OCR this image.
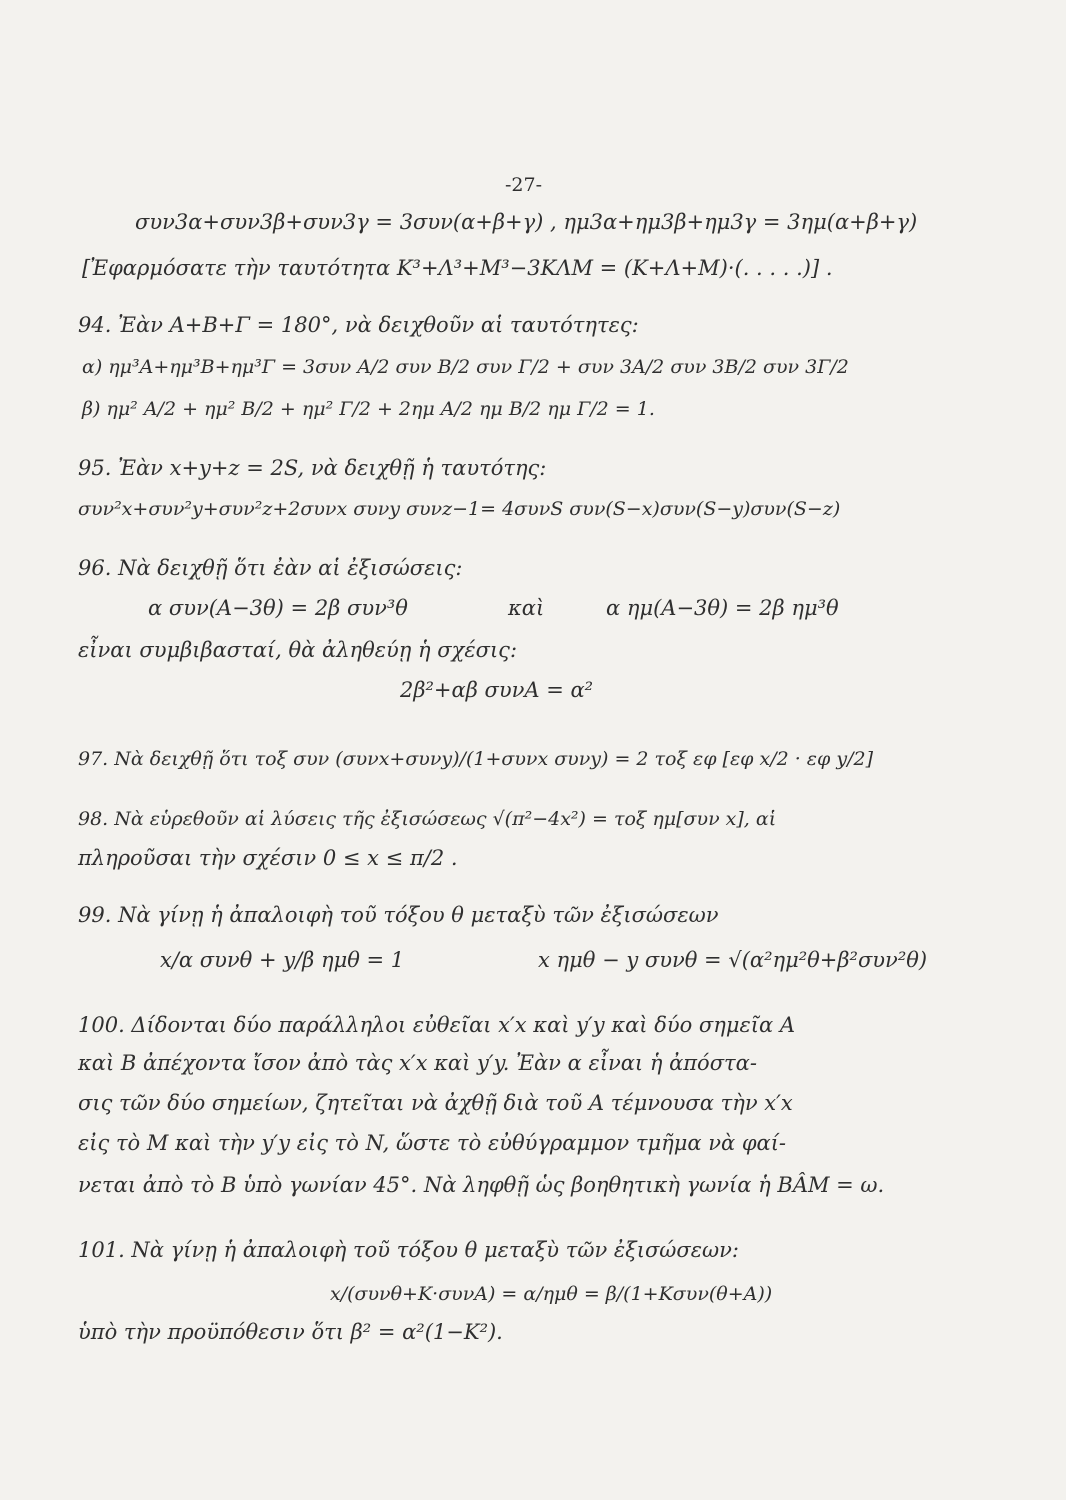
-27-
συν3α+συν3β+συν3γ = 3συν(α+β+γ) , ημ3α+ημ3β+ημ3γ = 3ημ(α+β+γ)
[Ἐφαρμόσατε τὴν ταυτότητα K³+Λ³+M³−3KΛM = (K+Λ+M)·(. . . . .)] .
94. Ἐὰν A+B+Γ = 180°, νὰ δειχθοῦν αἱ ταυτότητες:
α) ημ³A+ημ³B+ημ³Γ = 3συν A/2 συν B/2 συν Γ/2 + συν 3A/2 συν 3B/2 συν 3Γ/2
β) ημ² A/2 + ημ² B/2 + ημ² Γ/2 + 2ημ A/2 ημ B/2 ημ Γ/2 = 1.
95. Ἐὰν x+y+z = 2S, νὰ δειχθῇ ἡ ταυτότης:
συν²x+συν²y+συν²z+2συνx συνy συνz−1= 4συνS συν(S−x)συν(S−y)συν(S−z)
96. Νὰ δειχθῇ ὅτι ἐὰν αἱ ἐξισώσεις:
α συν(A−3θ) = 2β συν³θ	καὶ	α ημ(A−3θ) = 2β ημ³θ
εἶναι συμβιβασταί, θὰ ἀληθεύῃ ἡ σχέσις:
2β²+αβ συνA = α²
97. Νὰ δειχθῇ ὅτι τοξ συν (συνx+συνy)/(1+συνx συνy) = 2 τοξ εφ [εφ x/2 · εφ y/2]
98. Νὰ εὑρεθοῦν αἱ λύσεις τῆς ἐξισώσεως √(π²−4x²) = τοξ ημ[συν x], αἱ
πληροῦσαι τὴν σχέσιν 0 ≤ x ≤ π/2 .
99. Νὰ γίνῃ ἡ ἀπαλοιφὴ τοῦ τόξου θ μεταξὺ τῶν ἐξισώσεων
x/α συνθ + y/β ημθ = 1	x ημθ − y συνθ = √(α²ημ²θ+β²συν²θ)
100. Δίδονται δύο παράλληλοι εὐθεῖαι x′x καὶ y′y καὶ δύο σημεῖα A
καὶ B ἀπέχοντα ἴσον ἀπὸ τὰς x′x καὶ y′y. Ἐὰν α εἶναι ἡ ἀπόστα-
σις τῶν δύο σημείων, ζητεῖται νὰ ἀχθῇ διὰ τοῦ A τέμνουσα τὴν x′x
εἰς τὸ M καὶ τὴν y′y εἰς τὸ N, ὥστε τὸ εὐθύγραμμον τμῆμα νὰ φαί-
νεται ἀπὸ τὸ B ὑπὸ γωνίαν 45°. Νὰ ληφθῇ ὡς βοηθητικὴ γωνία ἡ BÂM = ω.
101. Νὰ γίνῃ ἡ ἀπαλοιφὴ τοῦ τόξου θ μεταξὺ τῶν ἐξισώσεων:
x/(συνθ+K·συνA) = α/ημθ = β/(1+Kσυν(θ+A))
ὑπὸ τὴν προϋπόθεσιν ὅτι β² = α²(1−K²).
